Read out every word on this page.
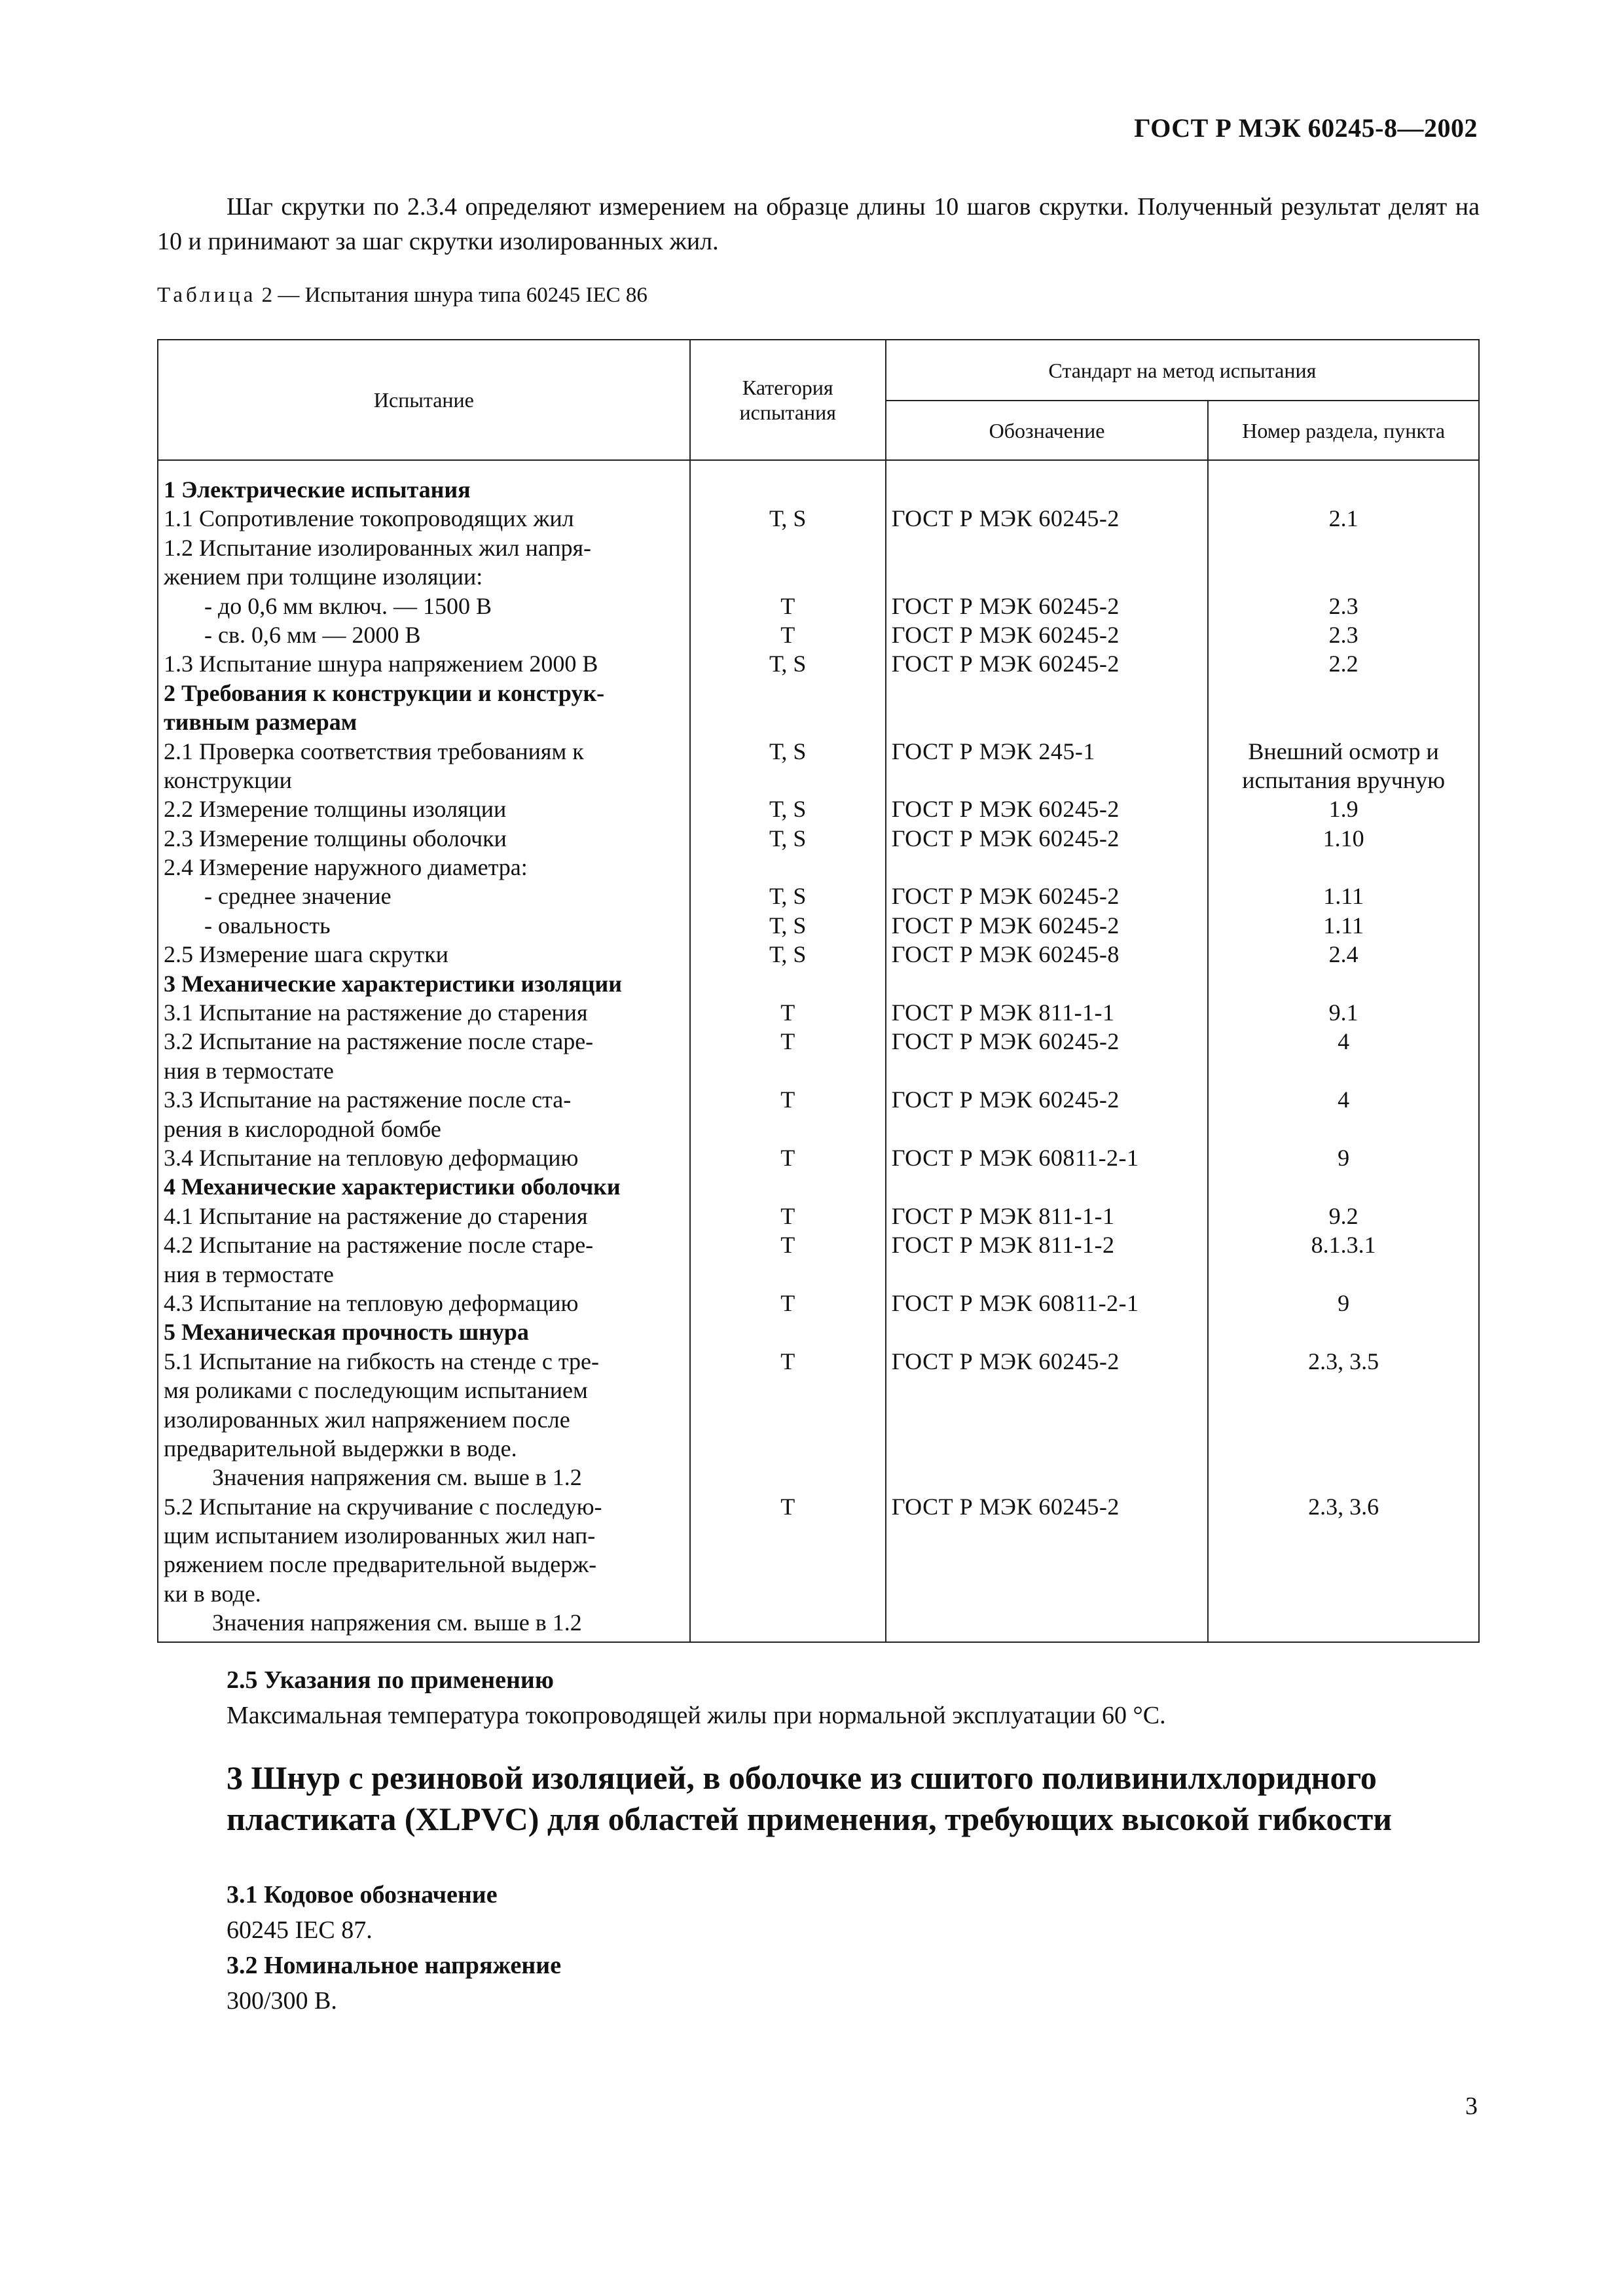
ГОСТ Р МЭК 60245-8—2002

Шаг скрутки по 2.3.4 определяют измерением на образце длины 10 шагов скрутки. Полученный результат делят на 10 и принимают за шаг скрутки изолированных жил.

Таблица 2 — Испытания шнура типа 60245 IEC 86
Испытание	Категория испытания	Стандарт на метод испытания	
		Обозначение	Номер раздела, пункта

1 Электрические испытания			

1.1 Сопротивление токопроводящих жил	Т, S	ГОСТ Р МЭК 60245-2	2.1

1.2 Испытание изолированных жил напря-			

жением при толщине изоляции:			

- до 0,6 мм включ. — 1500 В	Т	ГОСТ Р МЭК 60245-2	2.3

- св. 0,6 мм — 2000 В	Т	ГОСТ Р МЭК 60245-2	2.3

1.3 Испытание шнура напряжением 2000 В	Т, S	ГОСТ Р МЭК 60245-2	2.2

2 Требования к конструкции и конструк-			

тивным размерам			

2.1 Проверка соответствия требованиям к	Т, S	ГОСТ Р МЭК 245-1	Внешний осмотр и

конструкции			испытания вручную

2.2 Измерение толщины изоляции	Т, S	ГОСТ Р МЭК 60245-2	1.9

2.3 Измерение толщины оболочки	Т, S	ГОСТ Р МЭК 60245-2	1.10

2.4 Измерение наружного диаметра:			

- среднее значение	Т, S	ГОСТ Р МЭК 60245-2	1.11

- овальность	Т, S	ГОСТ Р МЭК 60245-2	1.11

2.5 Измерение шага скрутки	Т, S	ГОСТ Р МЭК 60245-8	2.4

3 Механические характеристики изоляции			

3.1 Испытание на растяжение до старения	Т	ГОСТ Р МЭК 811-1-1	9.1

3.2 Испытание на растяжение после старе-	Т	ГОСТ Р МЭК 60245-2	4

ния в термостате			

3.3 Испытание на растяжение после ста-	Т	ГОСТ Р МЭК 60245-2	4

рения в кислородной бомбе			

3.4 Испытание на тепловую деформацию	Т	ГОСТ Р МЭК 60811-2-1	9

4 Механические характеристики оболочки			

4.1 Испытание на растяжение до старения	Т	ГОСТ Р МЭК 811-1-1	9.2

4.2 Испытание на растяжение после старе-	Т	ГОСТ Р МЭК 811-1-2	8.1.3.1

ния в термостате			

4.3 Испытание на тепловую деформацию	Т	ГОСТ Р МЭК 60811-2-1	9

5 Механическая прочность шнура			

5.1 Испытание на гибкость на стенде с тре-	Т	ГОСТ Р МЭК 60245-2	2.3, 3.5

мя роликами с последующим испытанием			

изолированных жил напряжением после			

предварительной выдержки в воде.			

Значения напряжения см. выше в 1.2			

5.2 Испытание на скручивание с последую-	Т	ГОСТ Р МЭК 60245-2	2.3, 3.6

щим испытанием изолированных жил нап-			

ряжением после предварительной выдерж-			

ки в воде.			

Значения напряжения см. выше в 1.2			

2.5 Указания по применению
Максимальная температура токопроводящей жилы при нормальной эксплуатации 60 °С.
3 Шнур с резиновой изоляцией, в оболочке из сшитого поливинилхлоридного пластиката (XLPVC) для областей применения, требующих высокой гибкости
3.1 Кодовое обозначение
60245 IEC 87.
3.2 Номинальное напряжение
300/300 В.
3
